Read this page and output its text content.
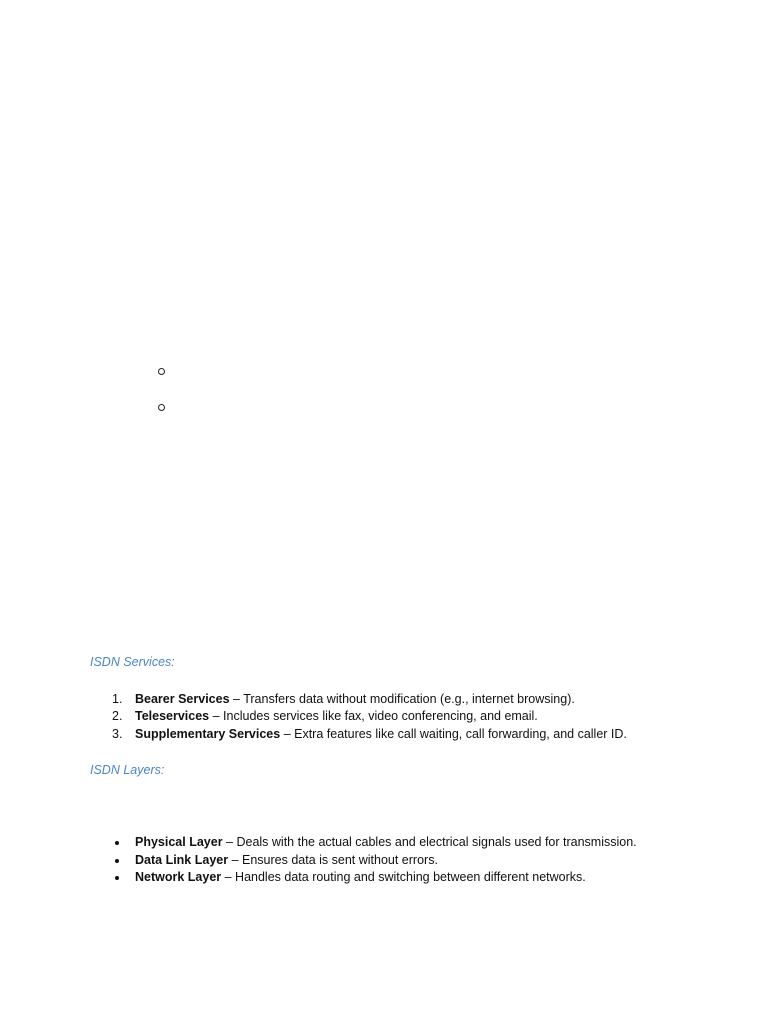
ISDN Services:
1. Bearer Services – Transfers data without modification (e.g., internet browsing).
2. Teleservices – Includes services like fax, video conferencing, and email.
3. Supplementary Services – Extra features like call waiting, call forwarding, and caller ID.
ISDN Layers:
Physical Layer – Deals with the actual cables and electrical signals used for transmission.
Data Link Layer – Ensures data is sent without errors.
Network Layer – Handles data routing and switching between different networks.
